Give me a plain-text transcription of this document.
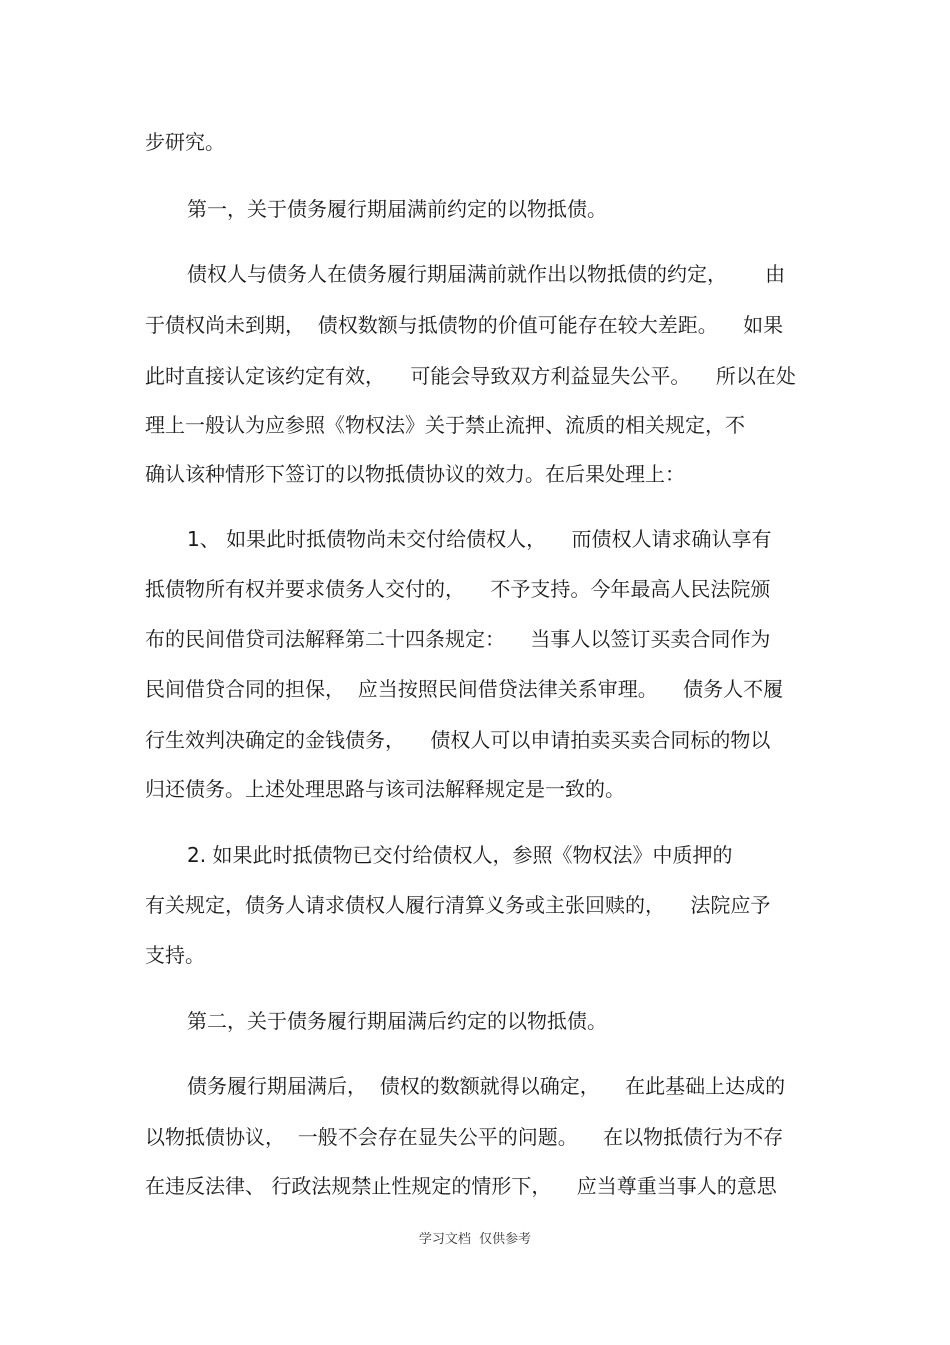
步研究。
第一，关于债务履行期届满前约定的以物抵债。
债权人与债务人在债务履行期届满前就作出以物抵债的约定，      由
于债权尚未到期，  债权数额与抵债物的价值可能存在较大差距。    如果
此时直接认定该约定有效，    可能会导致双方利益显失公平。    所以在处
理上一般认为应参照《物权法》关于禁止流押、流质的相关规定，不
确认该种情形下签订的以物抵债协议的效力。在后果处理上：
1、 如果此时抵债物尚未交付给债权人，    而债权人请求确认享有
抵债物所有权并要求债务人交付的，    不予支持。今年最高人民法院颁
布的民间借贷司法解释第二十四条规定：    当事人以签订买卖合同作为
民间借贷合同的担保，  应当按照民间借贷法律关系审理。    债务人不履
行生效判决确定的金钱债务，    债权人可以申请拍卖买卖合同标的物以
归还债务。上述处理思路与该司法解释规定是一致的。
2. 如果此时抵债物已交付给债权人，参照《物权法》中质押的
有关规定，债务人请求债权人履行清算义务或主张回赎的，    法院应予
支持。
第二，关于债务履行期届满后约定的以物抵债。
债务履行期届满后，  债权的数额就得以确定，    在此基础上达成的
以物抵债协议，  一般不会存在显失公平的问题。    在以物抵债行为不存
在违反法律、 行政法规禁止性规定的情形下，    应当尊重当事人的意思
学习文档  仅供参考
